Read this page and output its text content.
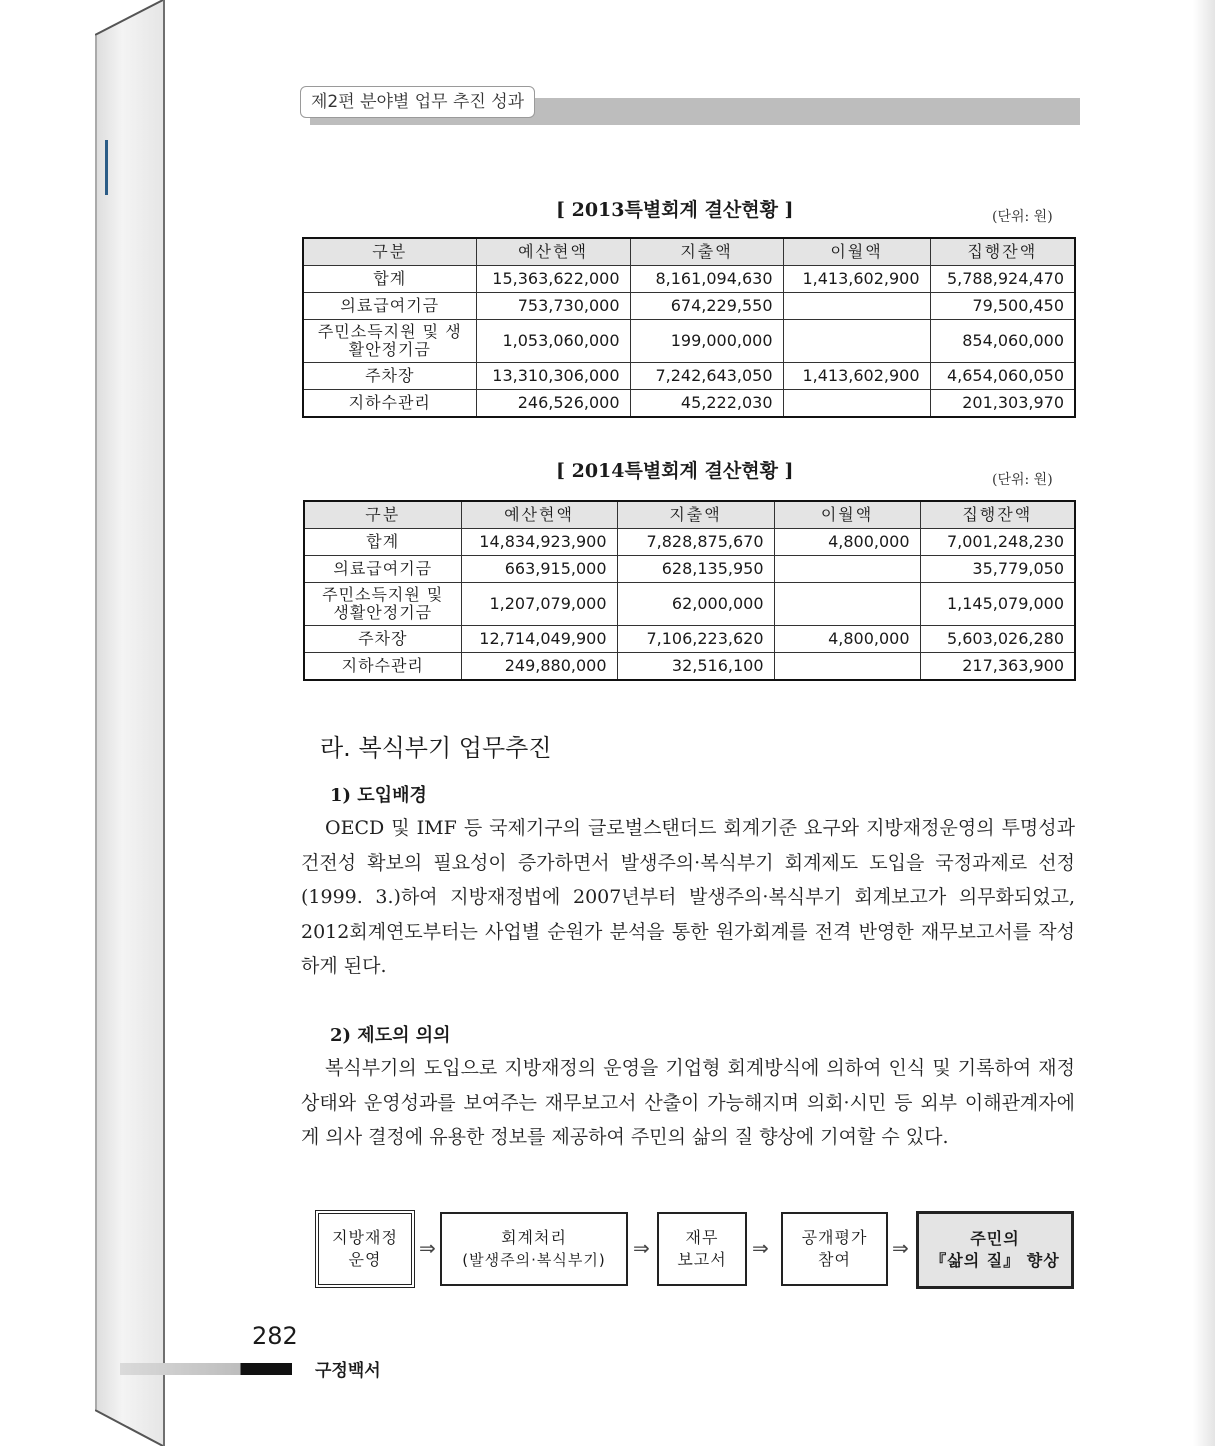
제2편 분야별 업무 추진 성과
[ 2013특별회계 결산현황 ]	(단위: 원)
구분	예산현액	지출액	이월액	집행잔액
합계	15,363,622,000	8,161,094,630	1,413,602,900	5,788,924,470
의료급여기금	753,730,000	674,229,550		79,500,450
주민소득지원 및 생활안정기금	1,053,060,000	199,000,000		854,060,000
주차장	13,310,306,000	7,242,643,050	1,413,602,900	4,654,060,050
지하수관리	246,526,000	45,222,030		201,303,970
[ 2014특별회계 결산현황 ]	(단위: 원)
구분	예산현액	지출액	이월액	집행잔액
합계	14,834,923,900	7,828,875,670	4,800,000	7,001,248,230
의료급여기금	663,915,000	628,135,950		35,779,050
주민소득지원 및 생활안정기금	1,207,079,000	62,000,000		1,145,079,000
주차장	12,714,049,900	7,106,223,620	4,800,000	5,603,026,280
지하수관리	249,880,000	32,516,100		217,363,900
라. 복식부기 업무추진
1) 도입배경
OECD 및 IMF 등 국제기구의 글로벌스탠더드 회계기준 요구와 지방재정운영의 투명성과 건전성 확보의 필요성이 증가하면서 발생주의·복식부기 회계제도 도입을 국정과제로 선정(1999. 3.)하여 지방재정법에 2007년부터 발생주의·복식부기 회계보고가 의무화되었고, 2012회계연도부터는 사업별 순원가 분석을 통한 원가회계를 전격 반영한 재무보고서를 작성하게 된다.
2) 제도의 의의
복식부기의 도입으로 지방재정의 운영을 기업형 회계방식에 의하여 인식 및 기록하여 재정상태와 운영성과를 보여주는 재무보고서 산출이 가능해지며 의회·시민 등 외부 이해관계자에게 의사 결정에 유용한 정보를 제공하여 주민의 삶의 질 향상에 기여할 수 있다.
지방재정
운영	⇒	회계처리
(발생주의·복식부기) ⇒	재무
보고서 ⇒ 공개평가
참여	⇒	주민의
『삶의 질』 향상
282
구정백서
